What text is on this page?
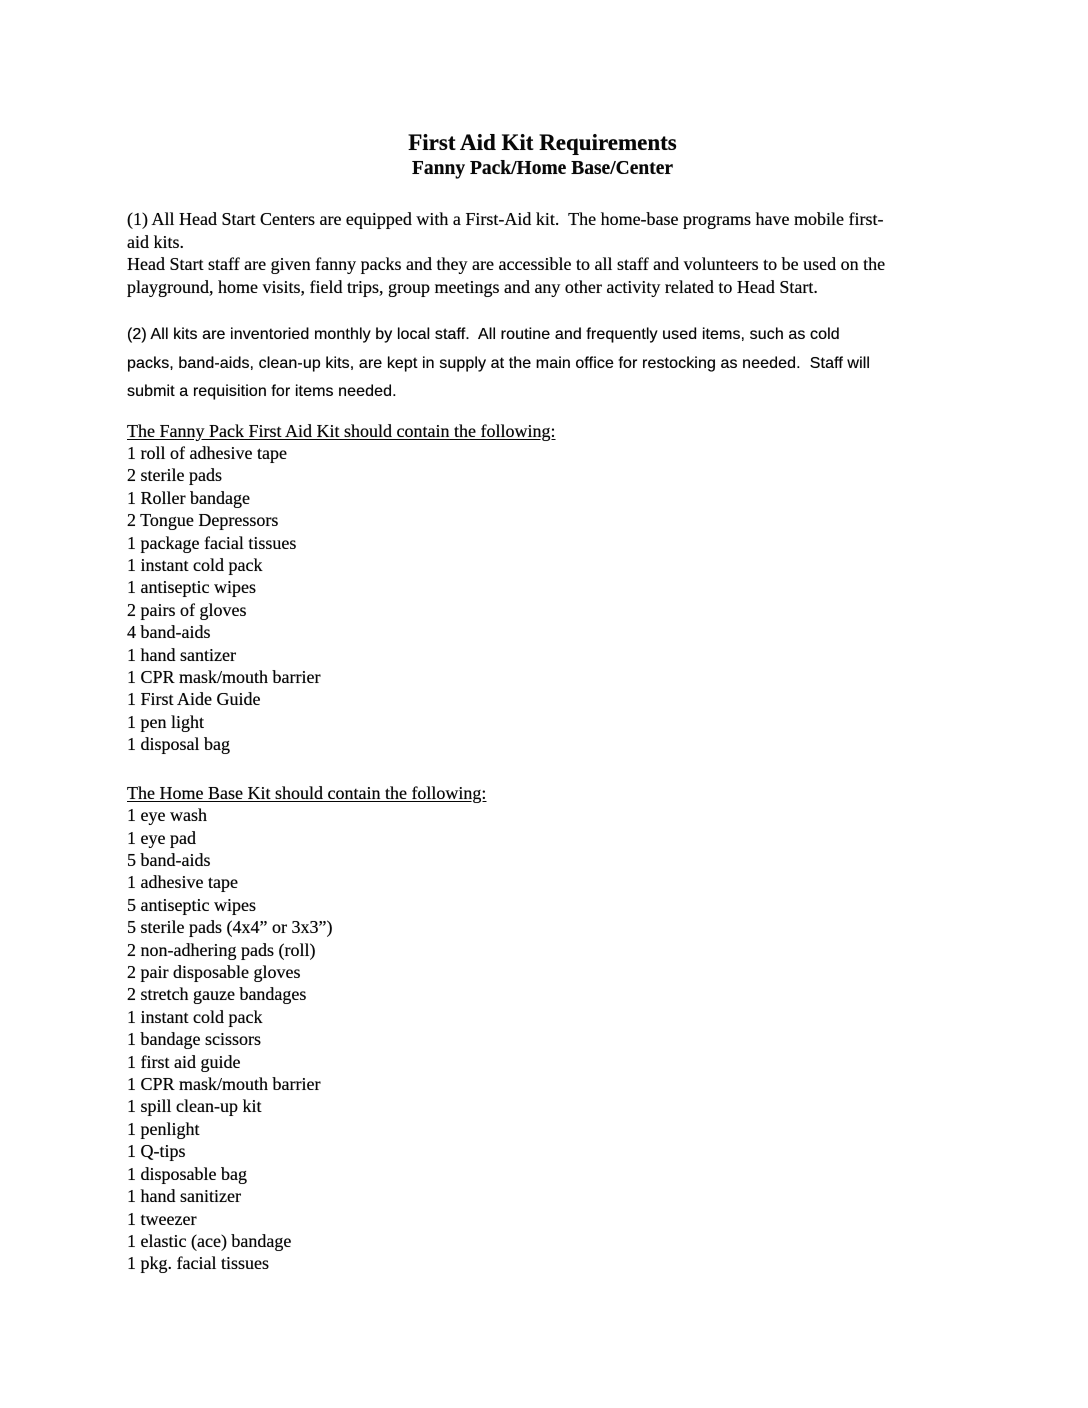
First Aid Kit Requirements
Fanny Pack/Home Base/Center
(1) All Head Start Centers are equipped with a First-Aid kit.  The home-base programs have mobile first-
aid kits.
Head Start staff are given fanny packs and they are accessible to all staff and volunteers to be used on the
playground, home visits, field trips, group meetings and any other activity related to Head Start.
(2) All kits are inventoried monthly by local staff.  All routine and frequently used items, such as cold
packs, band-aids, clean-up kits, are kept in supply at the main office for restocking as needed.  Staff will
submit a requisition for items needed.
The Fanny Pack First Aid Kit should contain the following:
1 roll of adhesive tape
2 sterile pads
1 Roller bandage
2 Tongue Depressors
1 package facial tissues
1 instant cold pack
1 antiseptic wipes
2 pairs of gloves
4 band-aids
1 hand santizer
1 CPR mask/mouth barrier
1 First Aide Guide
1 pen light
1 disposal bag
The Home Base Kit should contain the following:
1 eye wash
1 eye pad
5 band-aids
1 adhesive tape
5 antiseptic wipes
5 sterile pads (4x4” or 3x3”)
2 non-adhering pads (roll)
2 pair disposable gloves
2 stretch gauze bandages
1 instant cold pack
1 bandage scissors
1 first aid guide
1 CPR mask/mouth barrier
1 spill clean-up kit
1 penlight
1 Q-tips
1 disposable bag
1 hand sanitizer
1 tweezer
1 elastic (ace) bandage
1 pkg. facial tissues
